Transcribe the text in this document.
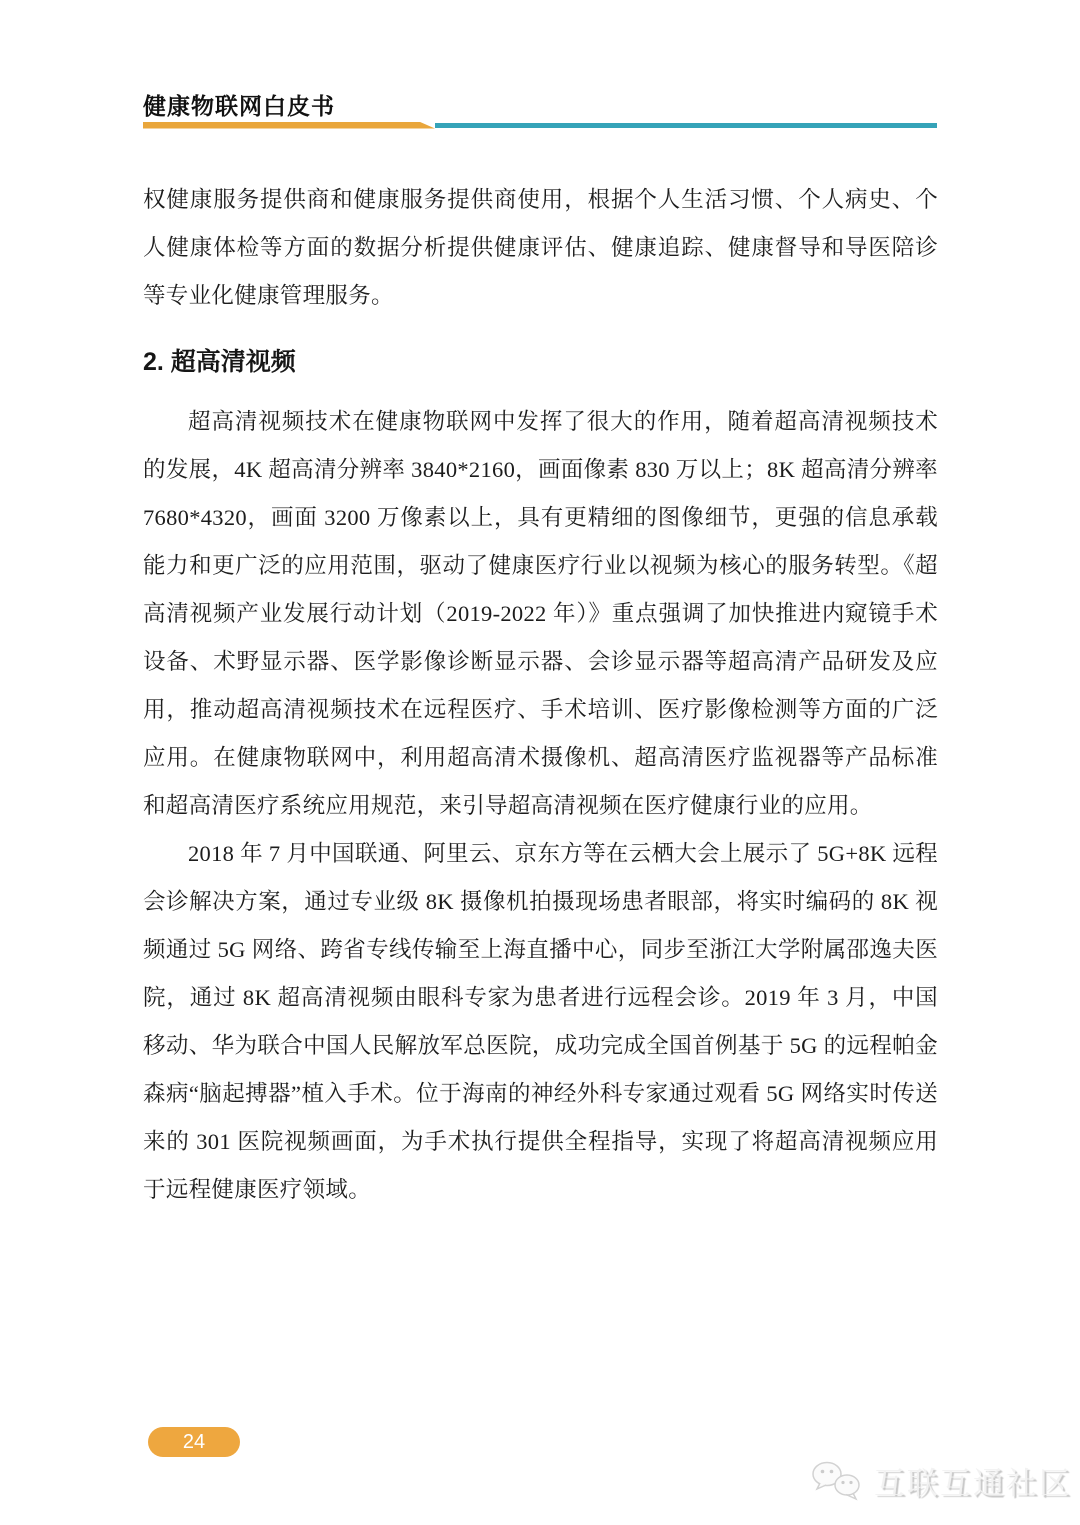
健康物联网白皮书

权健康服务提供商和健康服务提供商使用，根据个人生活习惯、个人病史、个人健康体检等方面的数据分析提供健康评估、健康追踪、健康督导和导医陪诊等专业化健康管理服务。

2. 超高清视频

超高清视频技术在健康物联网中发挥了很大的作用，随着超高清视频技术的发展，4K 超高清分辨率 3840*2160，画面像素 830 万以上；8K 超高清分辨率 7680*4320，画面 3200 万像素以上，具有更精细的图像细节，更强的信息承载能力和更广泛的应用范围，驱动了健康医疗行业以视频为核心的服务转型。《超高清视频产业发展行动计划（2019-2022 年）》重点强调了加快推进内窥镜手术设备、术野显示器、医学影像诊断显示器、会诊显示器等超高清产品研发及应用，推动超高清视频技术在远程医疗、手术培训、医疗影像检测等方面的广泛应用。在健康物联网中，利用超高清术摄像机、超高清医疗监视器等产品标准和超高清医疗系统应用规范，来引导超高清视频在医疗健康行业的应用。

2018 年 7 月中国联通、阿里云、京东方等在云栖大会上展示了 5G+8K 远程会诊解决方案，通过专业级 8K 摄像机拍摄现场患者眼部，将实时编码的 8K 视频通过 5G 网络、跨省专线传输至上海直播中心，同步至浙江大学附属邵逸夫医院，通过 8K 超高清视频由眼科专家为患者进行远程会诊。2019 年 3 月，中国移动、华为联合中国人民解放军总医院，成功完成全国首例基于 5G 的远程帕金森病“脑起搏器”植入手术。位于海南的神经外科专家通过观看 5G 网络实时传送来的 301 医院视频画面，为手术执行提供全程指导，实现了将超高清视频应用于远程健康医疗领域。

24
互联互通社区
